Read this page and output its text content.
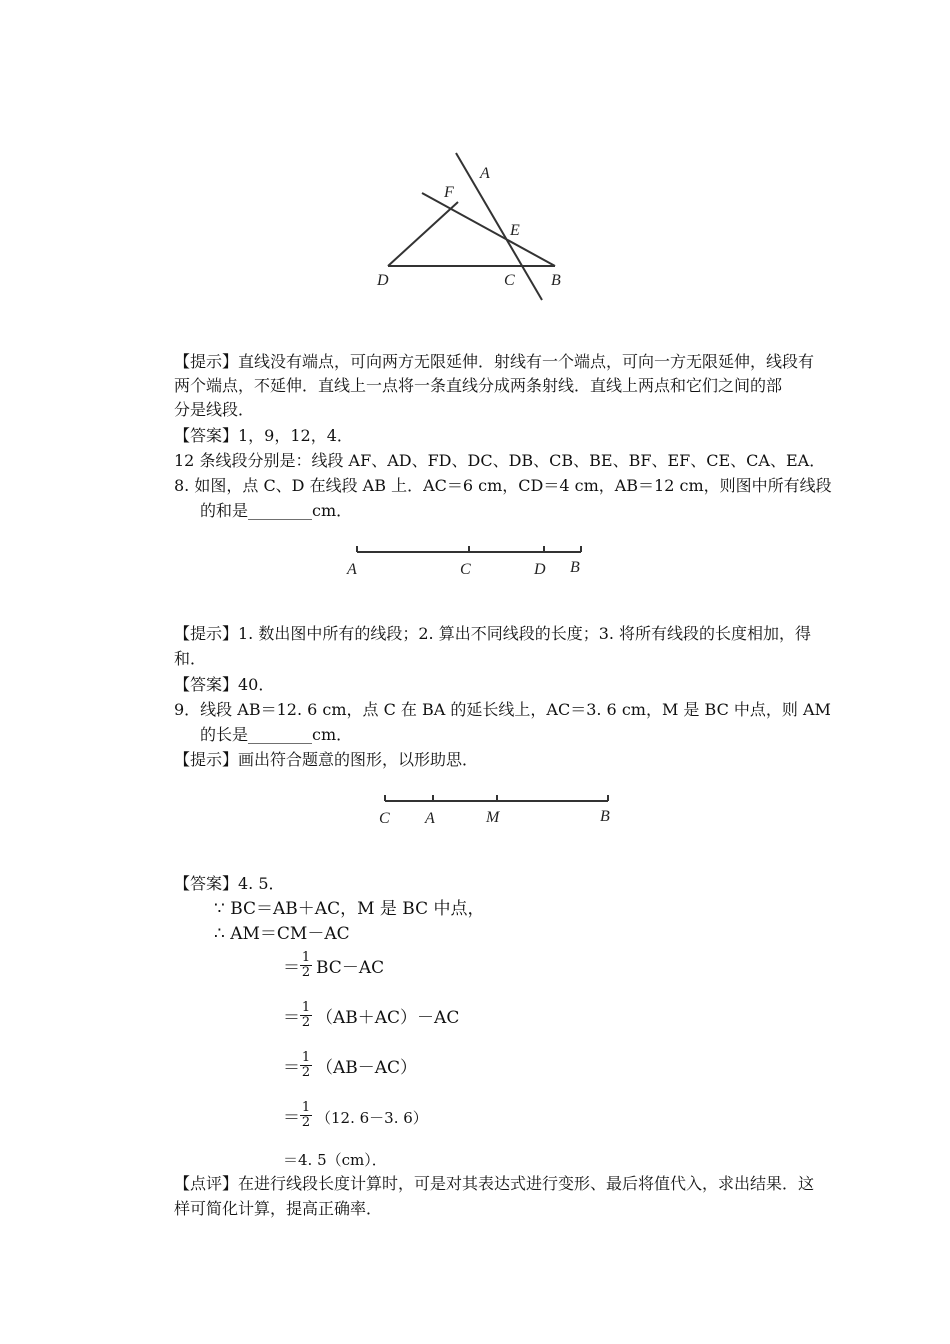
A
F
E
D	C B
【提示】直线没有端点，可向两方无限延伸．射线有一个端点，可向一方无限延伸，线段有
两个端点，不延伸．直线上一点将一条直线分成两条射线．直线上两点和它们之间的部
分是线段．
【答案】1，9，12，4．
12 条线段分别是：线段 AF、AD、FD、DC、DB、CB、BE、BF、EF、CE、CA、EA．
8. 如图，点 C、D 在线段 AB 上．AC＝6 cm，CD＝4 cm，AB＝12 cm，则图中所有线段
的和是________cm．
A	C	D B
【提示】1. 数出图中所有的线段；2. 算出不同线段的长度；3. 将所有线段的长度相加，得
和．
【答案】40．
9．线段 AB＝12. 6 cm，点 C 在 BA 的延长线上，AC＝3. 6 cm，M 是 BC 中点，则 AM
的长是________cm．
【提示】画出符合题意的图形，以形助思．
C A	M	B
【答案】4. 5．
∵ BC＝AB＋AC，M 是 BC 中点，
∴ AM＝CM－AC
＝ $\frac{1}{2} BC-AC$
＝ $\frac{1}{2} (AB+AC)-AC$
＝ $\frac{1}{2} (AB-AC)$
＝ $\frac{1}{2} (12$. 6－3. 6）
＝4. 5（cm）．
【点评】在进行线段长度计算时，可是对其表达式进行变形、最后将值代入，求出结果．这
样可简化计算，提高正确率．
